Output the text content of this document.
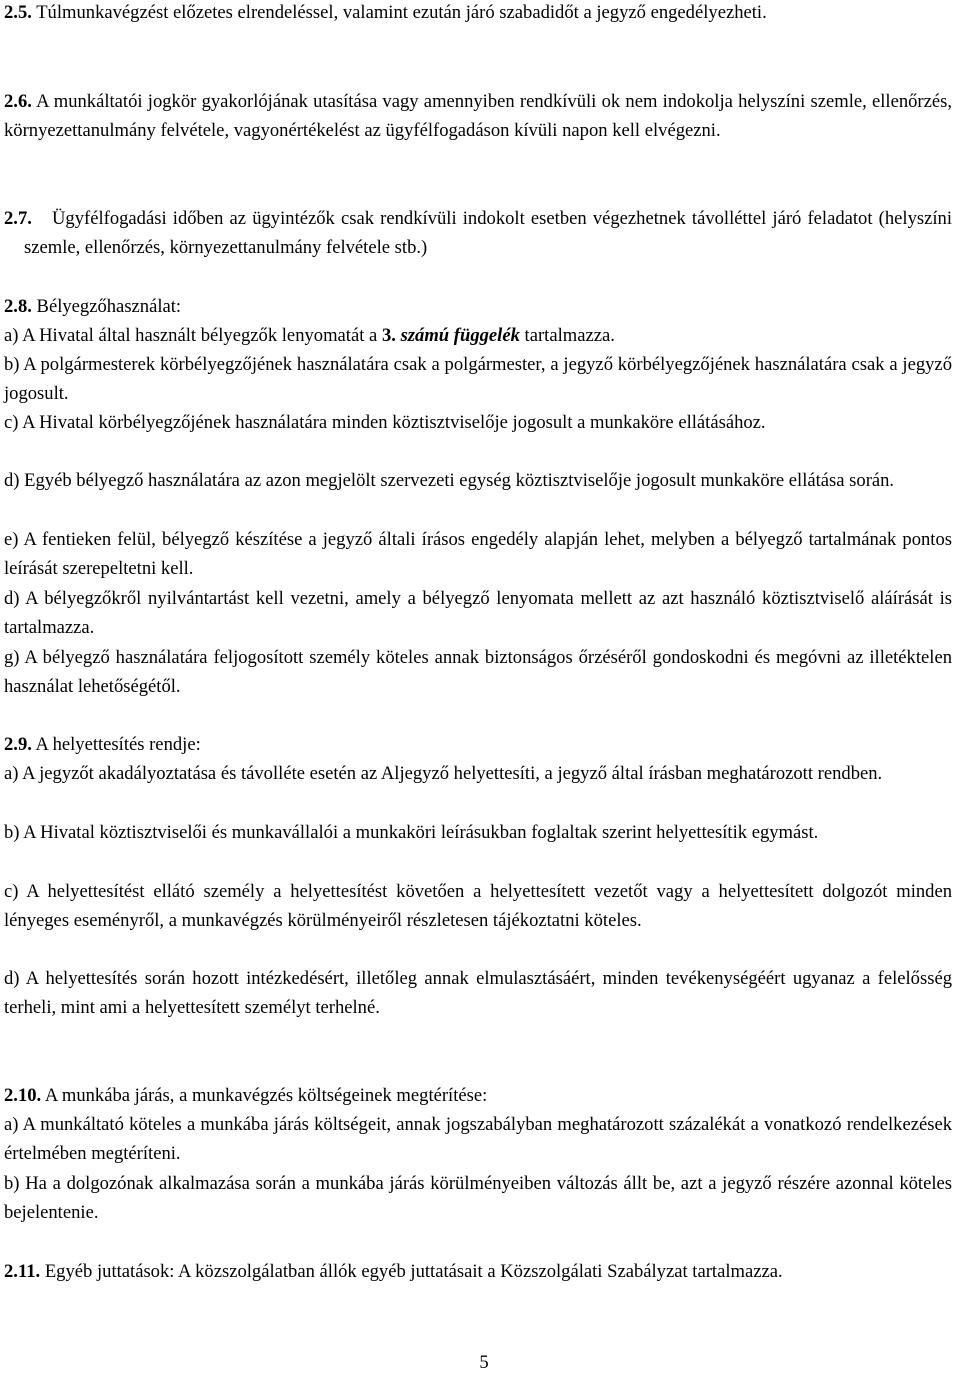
2.5. Túlmunkavégzést előzetes elrendeléssel, valamint ezután járó szabadidőt a jegyző engedélyezheti.

2.6. A munkáltatói jogkör gyakorlójának utasítása vagy amennyiben rendkívüli ok nem indokolja helyszíni szemle, ellenőrzés, környezettanulmány felvétele, vagyonértékelést az ügyfélfogadáson kívüli napon kell elvégezni.

2.7.	Ügyfélfogadási időben az ügyintézők csak rendkívüli indokolt esetben végezhetnek távolléttel járó feladatot (helyszíni szemle, ellenőrzés, környezettanulmány felvétele stb.)

2.8. Bélyegzőhasználat:

a) A Hivatal által használt bélyegzők lenyomatát a 3. számú függelék tartalmazza.

b) A polgármesterek körbélyegzőjének használatára csak a polgármester, a jegyző körbélyegzőjének használatára csak a jegyző jogosult.

c) A Hivatal körbélyegzőjének használatára minden köztisztviselője jogosult a munkaköre ellátásához.

d) Egyéb bélyegző használatára az azon megjelölt szervezeti egység köztisztviselője jogosult munkaköre ellátása során.

e) A fentieken felül, bélyegző készítése a jegyző általi írásos engedély alapján lehet, melyben a bélyegző tartalmának pontos leírását szerepeltetni kell.

d) A bélyegzőkről nyilvántartást kell vezetni, amely a bélyegző lenyomata mellett az azt használó köztisztviselő aláírását is tartalmazza.

g) A bélyegző használatára feljogosított személy köteles annak biztonságos őrzéséről gondoskodni és megóvni az illetéktelen használat lehetőségétől.

2.9. A helyettesítés rendje:

a) A jegyzőt akadályoztatása és távolléte esetén az Aljegyző helyettesíti, a jegyző által írásban meghatározott rendben.

b) A Hivatal köztisztviselői és munkavállalói a munkaköri leírásukban foglaltak szerint helyettesítik egymást.

c) A helyettesítést ellátó személy a helyettesítést követően a helyettesített vezetőt vagy a helyettesített dolgozót minden lényeges eseményről, a munkavégzés körülményeiről részletesen tájékoztatni köteles.

d) A helyettesítés során hozott intézkedésért, illetőleg annak elmulasztásáért, minden tevékenységéért ugyanaz a felelősség terheli, mint ami a helyettesített személyt terhelné.

2.10. A munkába járás, a munkavégzés költségeinek megtérítése:

a) A munkáltató köteles a munkába járás költségeit, annak jogszabályban meghatározott százalékát a vonatkozó rendelkezések értelmében megtéríteni.

b) Ha a dolgozónak alkalmazása során a munkába járás körülményeiben változás állt be, azt a jegyző részére azonnal köteles bejelentenie.

2.11. Egyéb juttatások: A közszolgálatban állók egyéb juttatásait a Közszolgálati Szabályzat tartalmazza.

5
